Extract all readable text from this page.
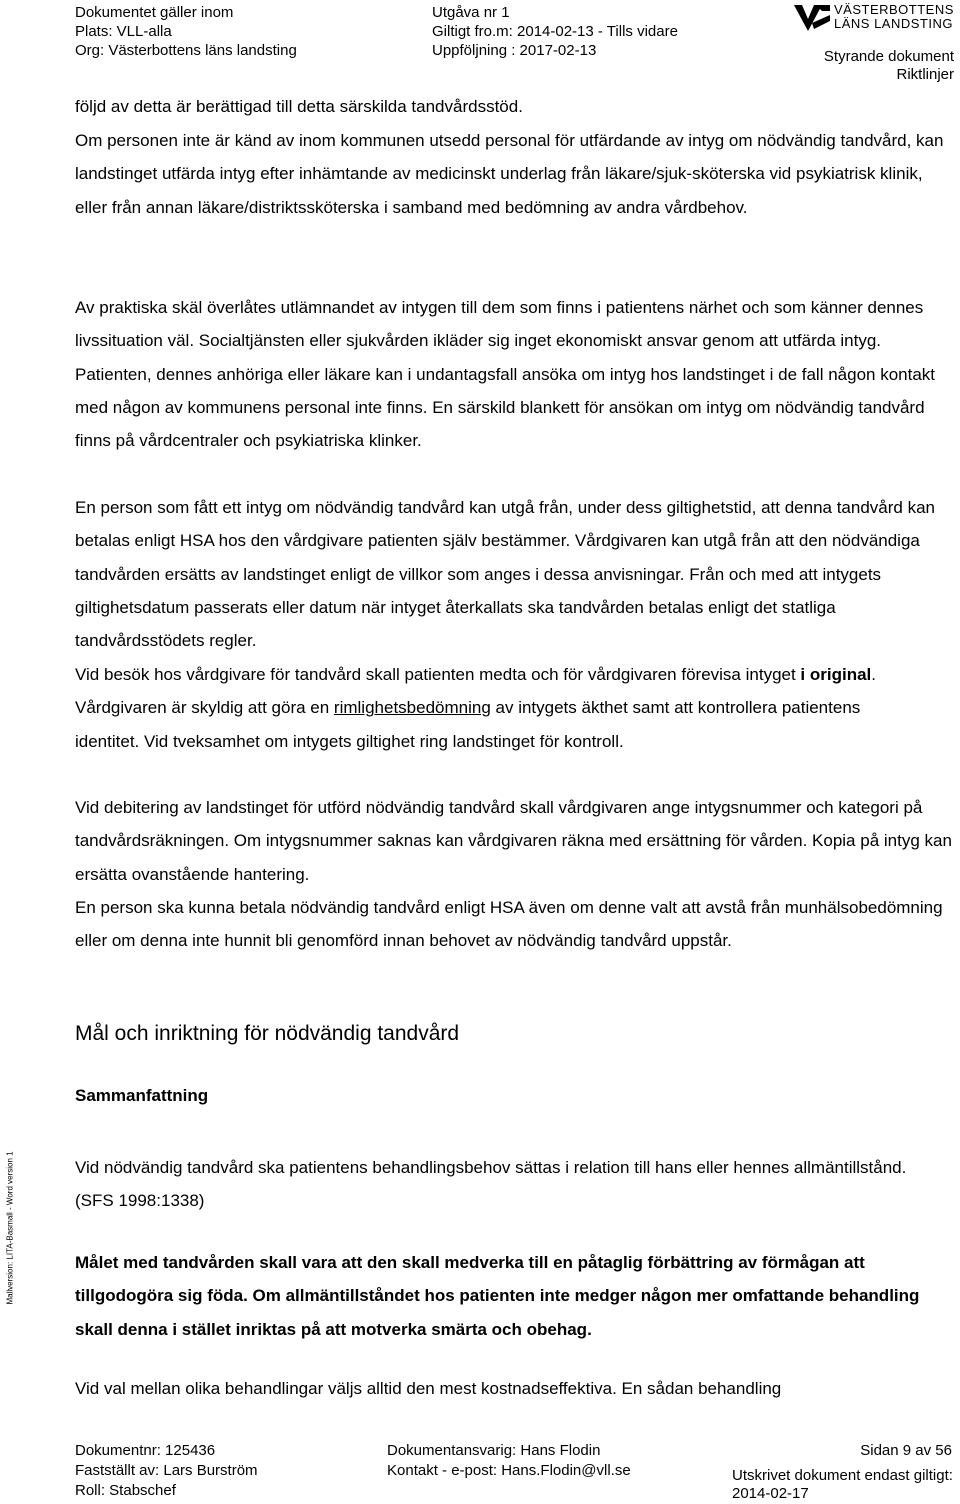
Dokumentet gäller inom
Plats: VLL-alla
Org: Västerbottens läns landsting
Utgåva nr 1
Giltigt fro.m: 2014-02-13 - Tills vidare
Uppföljning : 2017-02-13
VÄSTERBOTTENS
LÄNS LANDSTING
Styrande dokument
Riktlinjer

följd av detta är berättigad till detta särskilda tandvårdsstöd.

Om personen inte är känd av inom kommunen utsedd personal för utfärdande av intyg om nödvändig tandvård, kan landstinget utfärda intyg efter inhämtande av medicinskt underlag från läkare/sjuk-sköterska vid psykiatrisk klinik, eller från annan läkare/distriktssköterska i samband med bedömning av andra vårdbehov.

Av praktiska skäl överlåtes utlämnandet av intygen till dem som finns i patientens närhet och som känner dennes livssituation väl. Socialtjänsten eller sjukvården ikläder sig inget ekonomiskt ansvar genom att utfärda intyg. Patienten, dennes anhöriga eller läkare kan i undantagsfall ansöka om intyg hos landstinget i de fall någon kontakt med någon av kommunens personal inte finns. En särskild blankett för ansökan om intyg om nödvändig tandvård finns på vårdcentraler och psykiatriska klinker.

En person som fått ett intyg om nödvändig tandvård kan utgå från, under dess giltighetstid, att denna tandvård kan betalas enligt HSA hos den vårdgivare patienten själv bestämmer. Vårdgivaren kan utgå från att den nödvändiga tandvården ersätts av landstinget enligt de villkor som anges i dessa anvisningar. Från och med att intygets giltighetsdatum passerats eller datum när intyget återkallats ska tandvården betalas enligt det statliga tandvårdsstödets regler.

Vid besök hos vårdgivare för tandvård skall patienten medta och för vårdgivaren förevisa intyget i original. Vårdgivaren är skyldig att göra en rimlighetsbedömning av intygets äkthet samt att kontrollera patientens identitet. Vid tveksamhet om intygets giltighet ring landstinget för kontroll.

Vid debitering av landstinget för utförd nödvändig tandvård skall vårdgivaren ange intygsnummer och kategori på tandvårdsräkningen. Om intygsnummer saknas kan vårdgivaren räkna med ersättning för vården. Kopia på intyg kan ersätta ovanstående hantering.

En person ska kunna betala nödvändig tandvård enligt HSA även om denne valt att avstå från munhälsobedömning eller om denna inte hunnit bli genomförd innan behovet av nödvändig tandvård uppstår.

Mål och inriktning för nödvändig tandvård
Sammanfattning

Vid nödvändig tandvård ska patientens behandlingsbehov sättas i relation till hans eller hennes allmäntillstånd. (SFS 1998:1338)

Målet med tandvården skall vara att den skall medverka till en påtaglig förbättring av förmågan att tillgodogöra sig föda. Om allmäntillståndet hos patienten inte medger någon mer omfattande behandling skall denna i stället inriktas på att motverka smärta och obehag.

Vid val mellan olika behandlingar väljs alltid den mest kostnadseffektiva. En sådan behandling

Mallversion: LITA-Basmall - Word version 1
Dokumentnr: 125436
Fastställt av: Lars Burström
Roll: Stabschef
Dokumentansvarig: Hans Flodin
Kontakt - e-post: Hans.Flodin@vll.se
Sidan 9 av 56
Utskrivet dokument endast giltigt:
2014-02-17
